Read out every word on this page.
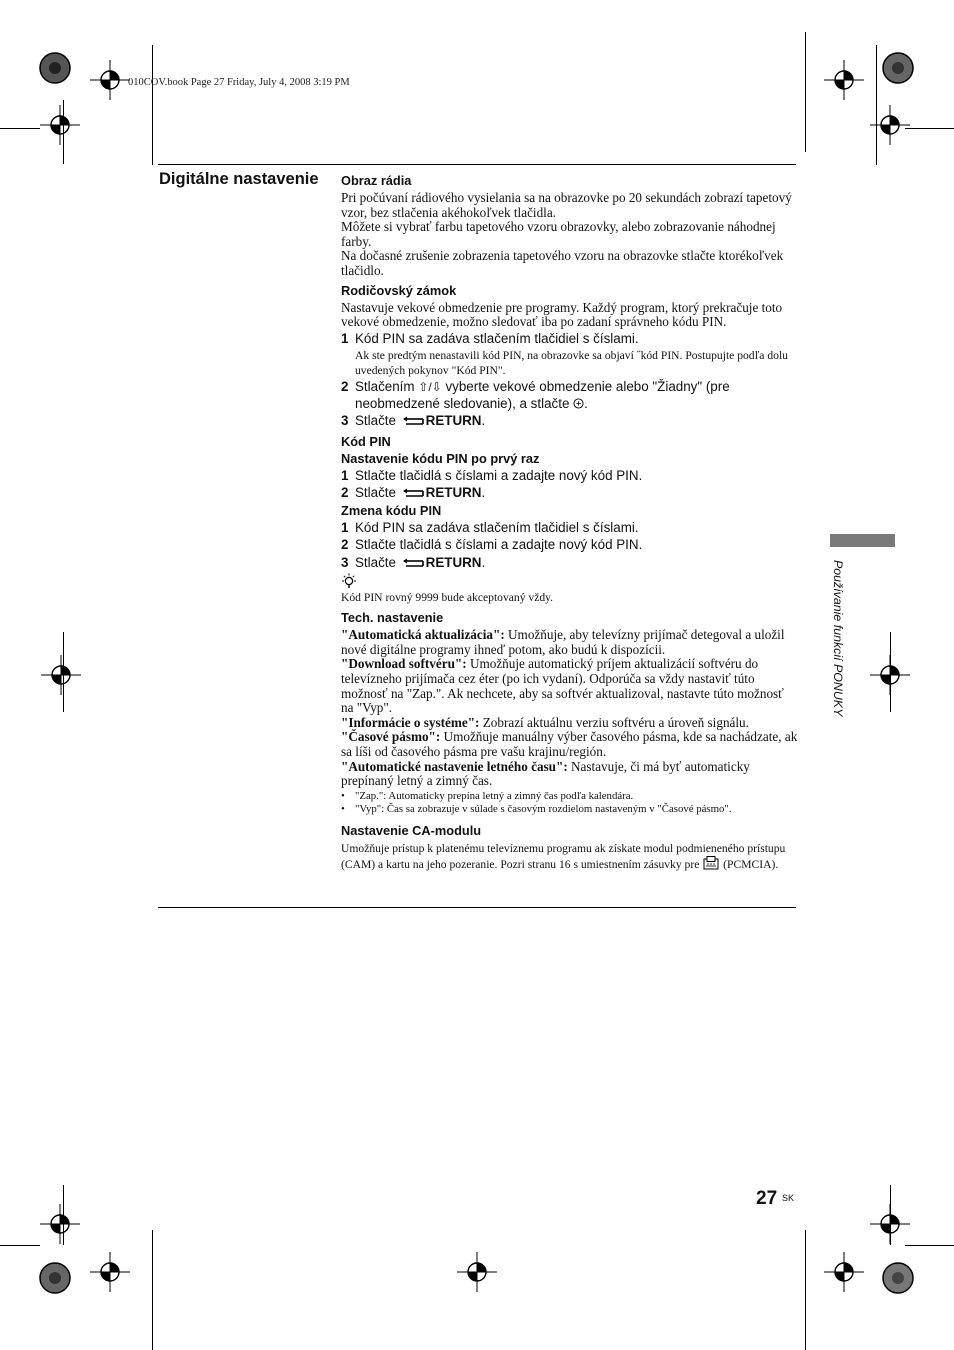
010COV.book Page 27 Friday, July 4, 2008 3:19 PM
Digitálne nastavenie Obraz rádia

Pri počúvaní rádiového vysielania sa na obrazovke po 20 sekundách zobrazí tapetový vzor, bez stlačenia akéhokoľvek tlačidla.

Môžete si vybrať farbu tapetového vzoru obrazovky, alebo zobrazovanie náhodnej farby.

Na dočasné zrušenie zobrazenia tapetového vzoru na obrazovke stlačte ktorékoľvek tlačidlo.

Rodičovský zámok

Nastavuje vekové obmedzenie pre programy. Každý program, ktorý prekračuje toto vekové obmedzenie, možno sledovať iba po zadaní správneho kódu PIN.

1 Kód PIN sa zadáva stlačením tlačidiel s číslami.

Ak ste predtým nenastavili kód PIN, na obrazovke sa objaví ˝kód PIN. Postupujte podľa dolu uvedených pokynov "Kód PIN".

2 Stlačením ⇧/⇩ vyberte vekové obmedzenie alebo "Žiadny" (pre neobmedzené sledovanie), a stlačte .
3 Stlačte RETURN.

Kód PIN

Nastavenie kódu PIN po prvý raz

1 Stlačte tlačidlá s číslami a zadajte nový kód PIN.
2 Stlačte RETURN.

Zmena kódu PIN

1 Kód PIN sa zadáva stlačením tlačidiel s číslami.
2 Stlačte tlačidlá s číslami a zadajte nový kód PIN.
3 Stlačte RETURN.

Kód PIN rovný 9999 bude akceptovaný vždy.

Tech. nastavenie

"Automatická aktualizácia": Umožňuje, aby televízny prijímač detegoval a uložil nové digitálne programy ihneď potom, ako budú k dispozícii.

"Download softvéru": Umožňuje automatický príjem aktualizácií softvéru do televízneho prijímača cez éter (po ich vydaní). Odporúča sa vždy nastaviť túto možnosť na "Zap.". Ak nechcete, aby sa softvér aktualizoval, nastavte túto možnosť na "Vyp".

"Informácie o systéme": Zobrazí aktuálnu verziu softvéru a úroveň signálu.

"Časové pásmo": Umožňuje manuálny výber časového pásma, kde sa nachádzate, ak sa líši od časového pásma pre vašu krajinu/región.

"Automatické nastavenie letného času": Nastavuje, či má byť automaticky prepínaný letný a zimný čas.

• "Zap.": Automaticky prepína letný a zimný čas podľa kalendára.

• "Vyp": Čas sa zobrazuje v súlade s časovým rozdielom nastaveným v "Časové pásmo".

Nastavenie CA-modulu

Umožňuje prístup k platenému televíznemu programu ak získate modul podmieneného prístupu (CAM) a kartu na jeho pozeranie. Pozri stranu 16 s umiestnením zásuvky pre (PCMCIA).

Používanie funkcií PONUKY
27 SK
